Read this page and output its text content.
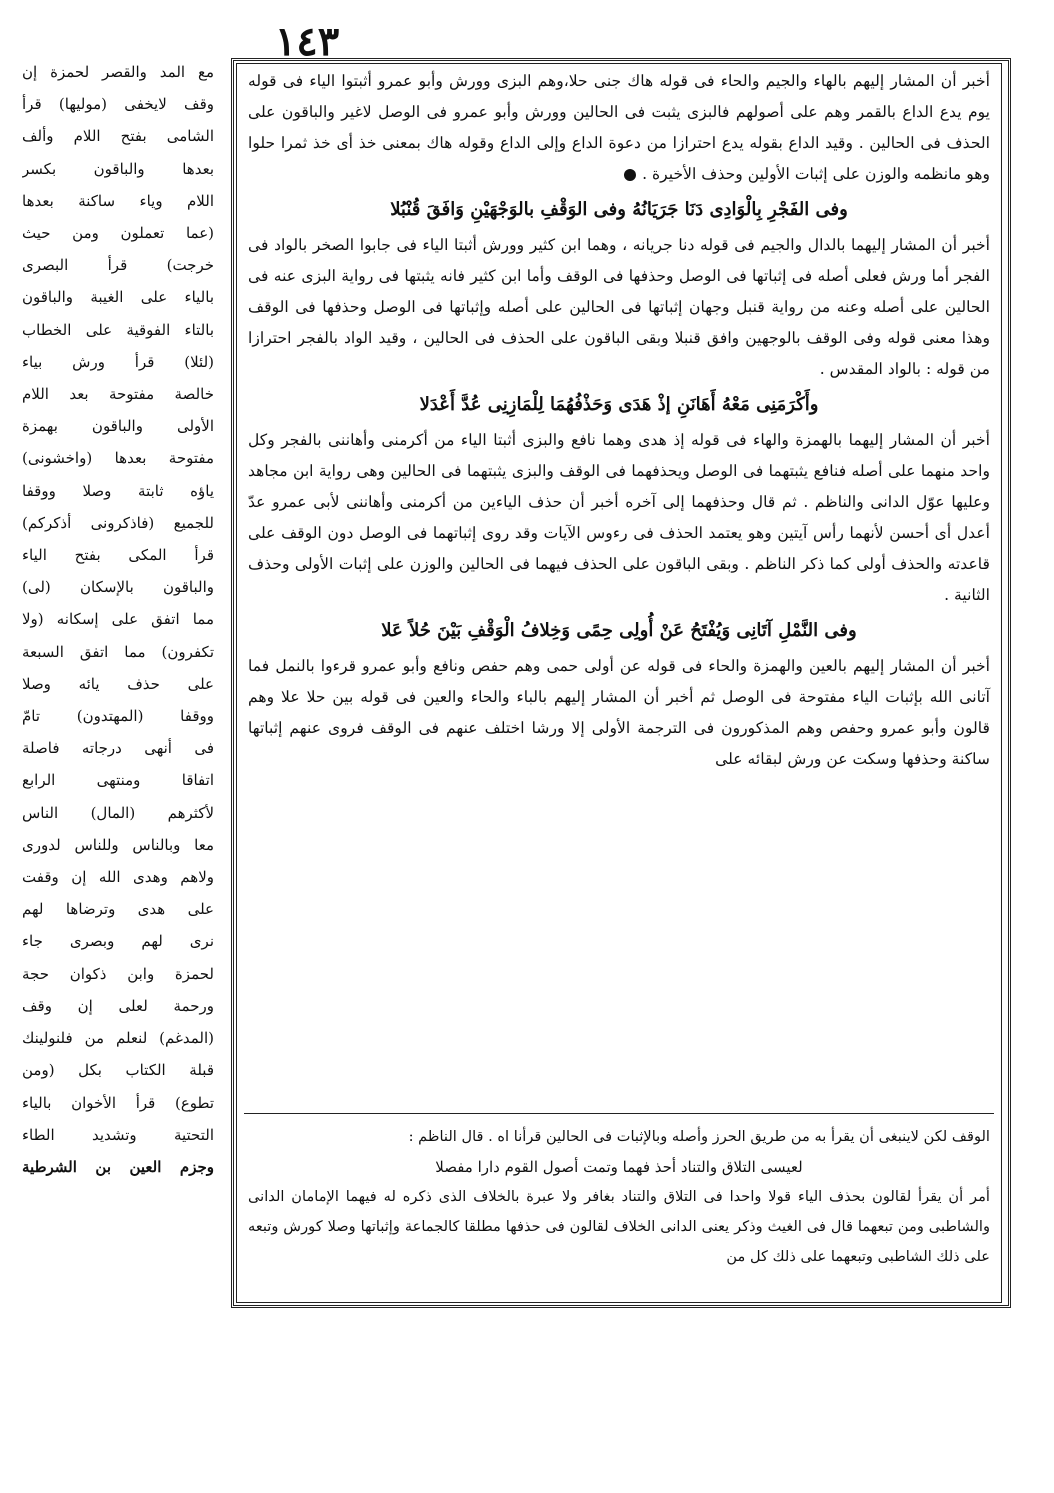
١٤٣

أخبر أن المشار إليهم بالهاء والجيم والحاء فى قوله هاك جنى حلا،وهم البزى وورش وأبو عمرو أثبتوا الياء فى قوله يوم يدع الداع بالقمر وهم على أصولهم فالبزى يثبت فى الحالين وورش وأبو عمرو فى الوصل لاغير والباقون على الحذف فى الحالين . وقيد الداع بقوله يدع احترازا من دعوة الداع وإلى الداع وقوله هاك بمعنى خذ أى خذ ثمرا حلوا وهو مانظمه والوزن على إثبات الأولين وحذف الأخيرة .

وفى الفَجْرِ بِالْوَادِى دَنَا جَرَيَانُهُ وفى الوَقْفِ بالوَجْهَيْنِ وَافَقَ قُنْبُلا

أخبر أن المشار إليهما بالدال والجيم فى قوله دنا جريانه ، وهما ابن كثير وورش أثبتا الياء فى جابوا الصخر بالواد فى الفجر أما ورش فعلى أصله فى إثباتها فى الوصل وحذفها فى الوقف وأما ابن كثير فانه يثبتها فى رواية البزى عنه فى الحالين على أصله وعنه من رواية قنبل وجهان إثباتها فى الحالين على أصله وإثباتها فى الوصل وحذفها فى الوقف وهذا معنى قوله وفى الوقف بالوجهين وافق قنبلا وبقى الباقون على الحذف فى الحالين ، وقيد الواد بالفجر احترازا من قوله : بالواد المقدس .

وأَكْرَمَنِى مَعْهُ أَهَانَنِ إذْ هَدَى وَحَذْفُهُمَا لِلْمَازِنِى عُدَّ أَعْدَلا

أخبر أن المشار إليهما بالهمزة والهاء فى قوله إذ هدى وهما نافع والبزى أثبتا الياء من أكرمنى وأهاننى بالفجر وكل واحد منهما على أصله فنافع يثبتهما فى الوصل ويحذفهما فى الوقف والبزى يثبتهما فى الحالين وهى رواية ابن مجاهد وعليها عوّل الدانى والناظم . ثم قال وحذفهما إلى آخره أخبر أن حذف الياءين من أكرمنى وأهاننى لأبى عمرو عدّ أعدل أى أحسن لأنهما رأس آيتين وهو يعتمد الحذف فى رءوس الآيات وقد روى إثباتهما فى الوصل دون الوقف على قاعدته والحذف أولى كما ذكر الناظم . وبقى الباقون على الحذف فيهما فى الحالين والوزن على إثبات الأولى وحذف الثانية .

وفى النَّمْلِ آتَانِى وَيُفْتَحُ عَنْ أُولِى حِمًى وَخِلافُ الْوَقْفِ بَيْنَ حُلاً عَلا

أخبر أن المشار إليهم بالعين والهمزة والحاء فى قوله عن أولى حمى وهم حفص ونافع وأبو عمرو قرءوا بالنمل فما آتانى الله بإثبات الياء مفتوحة فى الوصل ثم أخبر أن المشار إليهم بالباء والحاء والعين فى قوله بين حلا علا وهم قالون وأبو عمرو وحفص وهم المذكورون فى الترجمة الأولى إلا ورشا اختلف عنهم فى الوقف فروى عنهم إثباتها ساكنة وحذفها وسكت عن ورش لبقائه على

الوقف لكن لاينبغى أن يقرأ به من طريق الحرز وأصله وبالإثبات فى الحالين قرأنا اه . قال الناظم :

لعيسى التلاق والتناد أحذ فهما وتمت أصول القوم دارا مفصلا

أمر أن يقرأ لقالون بحذف الياء قولا واحدا فى التلاق والتناد بغافر ولا عبرة بالخلاف الذى ذكره له فيهما الإمامان الدانى والشاطبى ومن تبعهما قال فى الغيث وذكر يعنى الدانى الخلاف لقالون فى حذفها مطلقا كالجماعة وإثباتها وصلا كورش وتبعه على ذلك الشاطبى وتبعهما على ذلك كل من

مع المد والقصر لحمزة إن
وقف لايخفى (موليها) قرأ
الشامى بفتح اللام وألف
بعدها والباقون بكسر
اللام وياء ساكنة بعدها
(عما تعملون ومن حيث
خرجت) قرأ البصرى
بالياء على الغيبة والباقون
بالتاء الفوقية على الخطاب
(لئلا) قرأ ورش بياء
خالصة مفتوحة بعد اللام
الأولى والباقون بهمزة
مفتوحة بعدها (واخشونى)
ياؤه ثابتة وصلا ووقفا
للجميع (فاذكرونى أذكركم)
قرأ المكى بفتح الياء
والباقون بالإسكان (لى)
مما اتفق على إسكانه (ولا
تكفرون) مما اتفق السبعة
على حذف يائه وصلا
ووقفا (المهتدون) تامّ
فى أنهى درجاته فاصلة
اتفاقا ومنتهى الرابع
لأكثرهم (المال) الناس
معا وبالناس وللناس لدورى
ولاهم وهدى الله إن وقفت
على هدى وترضاها لهم
نرى لهم وبصرى جاء
لحمزة وابن ذكوان حجة
ورحمة لعلى إن وقف
(المدغم) لنعلم من فلنولينك
قبلة الكتاب بكل (ومن
تطوع) قرأ الأخوان بالياء
التحتية وتشديد الطاء
وجزم العين بن الشرطية
